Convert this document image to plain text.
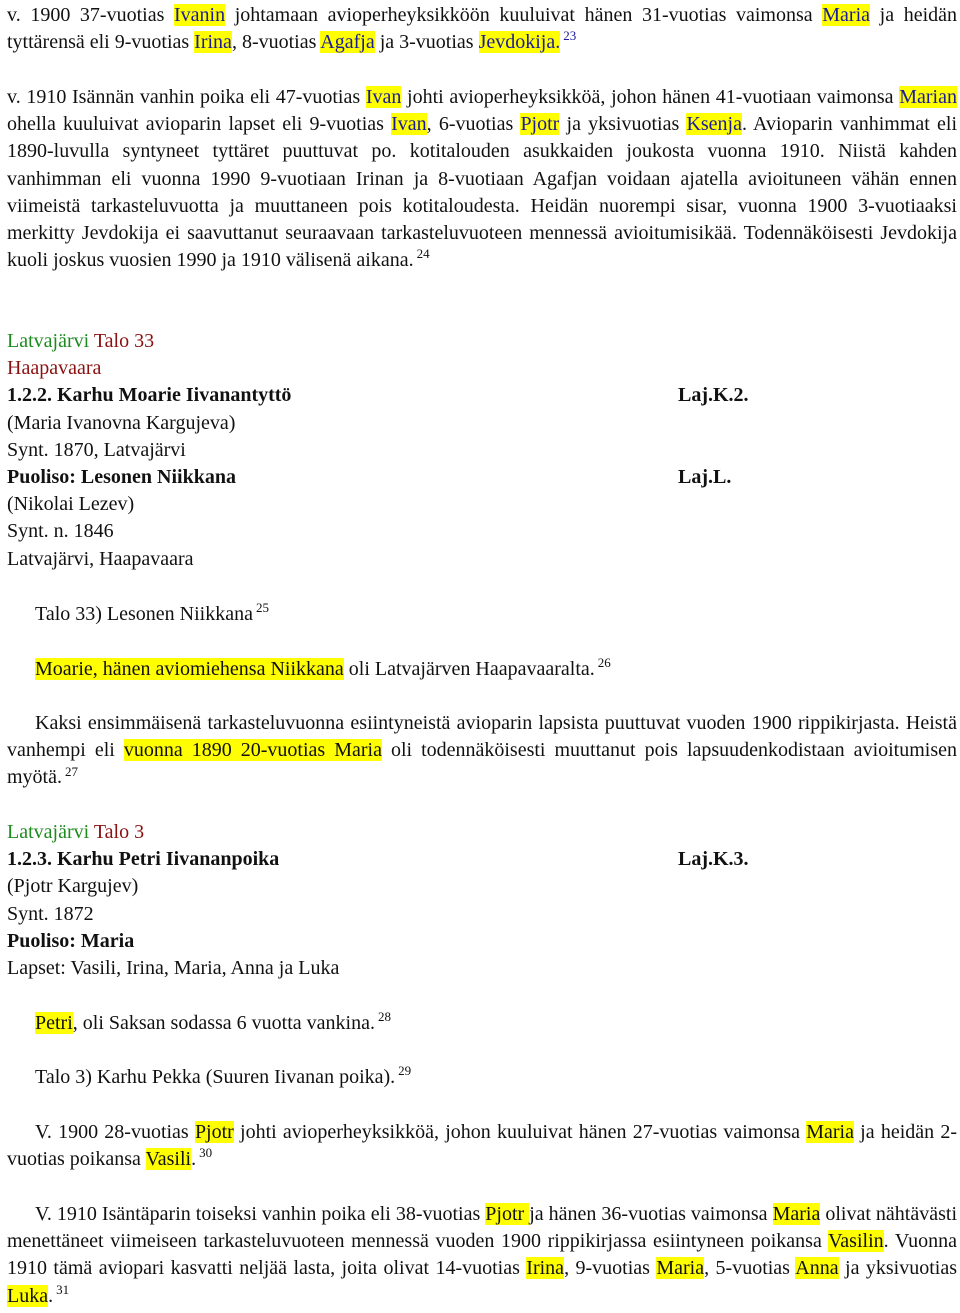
v. 1900 37-vuotias Ivanin johtamaan avioperheyksikköön kuuluivat hänen 31-vuotias vaimonsa Maria ja heidän tyttärensä eli 9-vuotias Irina, 8-vuotias Agafja ja 3-vuotias Jevdokija. $^{23}$
v. 1910 Isännän vanhin poika eli 47-vuotias Ivan johti avioperheyksikköä, johon hänen 41-vuotiaan vaimonsa Marian ohella kuuluivat avioparin lapset eli 9-vuotias Ivan, 6-vuotias Pjotr ja yksivuotias Ksenja. Avioparin vanhimmat eli 1890-luvulla syntyneet tyttäret puuttuvat po. kotitalouden asukkaiden joukosta vuonna 1910. Niistä kahden vanhimman eli vuonna 1990 9-vuotiaan Irinan ja 8-vuotiaan Agafjan voidaan ajatella avioituneen vähän ennen viimeistä tarkasteluvuotta ja muuttaneen pois kotitaloudesta. Heidän nuorempi sisar, vuonna 1900 3-vuotiaaksi merkitty Jevdokija ei saavuttanut seuraavaan tarkasteluvuoteen mennessä avioitumisikää. Todennäköisesti Jevdokija kuoli joskus vuosien 1990 ja 1910 välisenä aikana. $^{24}$
Latvajärvi Talo 33
Haapavaara
1.2.2. Karhu Moarie Iivanantyttö	Laj.K.2.
(Maria Ivanovna Kargujeva)
Synt. 1870, Latvajärvi
Puoliso: Lesonen Niikkana	Laj.L.
(Nikolai Lezev)
Synt. n. 1846
Latvajärvi, Haapavaara
Talo 33) Lesonen Niikkana $^{25}$
Moarie, hänen aviomiehensa Niikkana oli Latvajärven Haapavaaralta. $^{26}$
Kaksi ensimmäisenä tarkasteluvuonna esiintyneistä avioparin lapsista puuttuvat vuoden 1900 rippikirjasta. Heistä vanhempi eli vuonna 1890 20-vuotias Maria oli todennäköisesti muuttanut pois lapsuudenkodistaan avioitumisen myötä. $^{27}$
Latvajärvi Talo 3
1.2.3. Karhu Petri Iivananpoika	Laj.K.3.
(Pjotr Kargujev)
Synt. 1872
Puoliso: Maria
Lapset: Vasili, Irina, Maria, Anna ja Luka
Petri, oli Saksan sodassa 6 vuotta vankina. $^{28}$
Talo 3) Karhu Pekka (Suuren Iivanan poika). $^{29}$
V. 1900 28-vuotias Pjotr johti avioperheyksikköä, johon kuuluivat hänen 27-vuotias vaimonsa Maria ja heidän 2-vuotias poikansa Vasili. $^{30}$
V. 1910 Isäntäparin toiseksi vanhin poika eli 38-vuotias Pjotr ja hänen 36-vuotias vaimonsa Maria olivat nähtävästi menettäneet viimeiseen tarkasteluvuoteen mennessä vuoden 1900 rippikirjassa esiintyneen poikansa Vasilin. Vuonna 1910 tämä aviopari kasvatti neljää lasta, joita olivat 14-vuotias Irina, 9-vuotias Maria, 5-vuotias Anna ja yksivuotias Luka. $^{31}$
